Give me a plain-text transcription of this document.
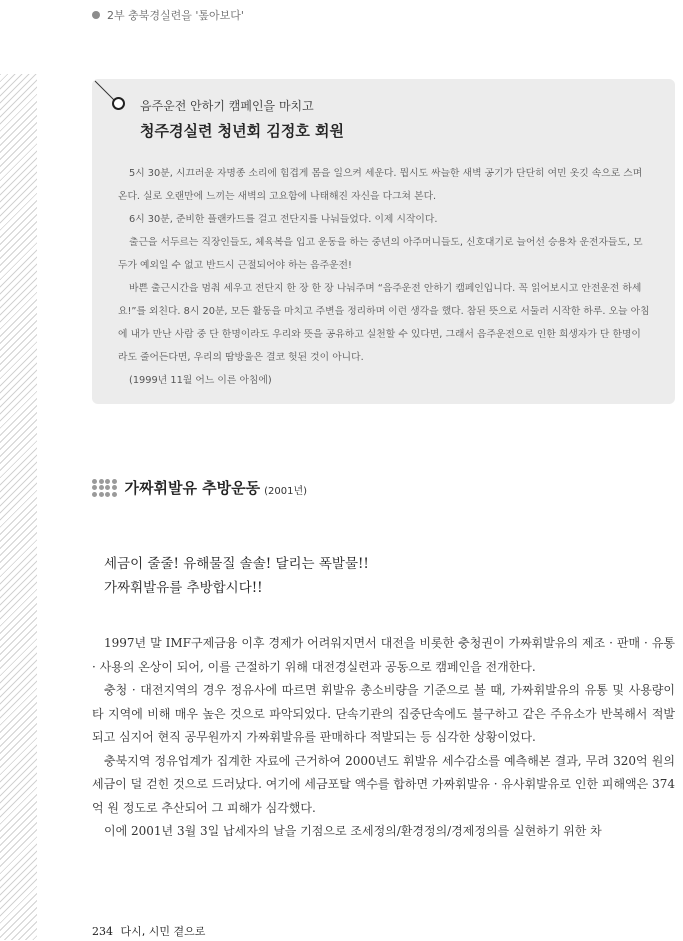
2부 충북경실련을 '톺아보다'
음주운전 안하기 캠페인을 마치고
청주경실련 청년회 김정호 회원

5시 30분, 시끄러운 자명종 소리에 힘겹게 몸을 일으켜 세운다. 뭡시도 싸늘한 새벽 공기가 단단히 여민 옷깃 속으로 스며온다. 실로 오랜만에 느끼는 새벽의 고요함에 나태해진 자신을 다그쳐 본다.

6시 30분, 준비한 플랜카드를 걸고 전단지를 나눠들었다. 이제 시작이다.

출근을 서두르는 직장인들도, 체육복을 입고 운동을 하는 중년의 아주머니들도, 신호대기로 늘어선 승용차 운전자들도, 모두가 예외일 수 없고 반드시 근절되어야 하는 음주운전!

바쁜 출근시간을 멈춰 세우고 전단지 한 장 한 장 나눠주며 “음주운전 안하기 캠페인입니다. 꼭 읽어보시고 안전운전 하세요!”를 외친다. 8시 20분, 모든 활동을 마치고 주변을 정리하며 이런 생각을 했다. 참된 뜻으로 서둘러 시작한 하루. 오늘 아침에 내가 만난 사람 중 단 한명이라도 우리와 뜻을 공유하고 실천할 수 있다면, 그래서 음주운전으로 인한 희생자가 단 한명이라도 줄어든다면, 우리의 땀방울은 결코 헛된 것이 아니다.

(1999년 11월 어느 이른 아침에)

가짜휘발유 추방운동 (2001년)

세금이 줄줄! 유해물질 솔솔! 달리는 폭발물!!

가짜휘발유를 추방합시다!!

1997년 말 IMF구제금융 이후 경제가 어려워지면서 대전을 비롯한 충청권이 가짜휘발유의 제조 · 판매 · 유통 · 사용의 온상이 되어, 이를 근절하기 위해 대전경실련과 공동으로 캠페인을 전개한다.

충청 · 대전지역의 경우 정유사에 따르면 휘발유 총소비량을 기준으로 볼 때, 가짜휘발유의 유통 및 사용량이 타 지역에 비해 매우 높은 것으로 파악되었다. 단속기관의 집중단속에도 불구하고 같은 주유소가 반복해서 적발되고 심지어 현직 공무원까지 가짜휘발유를 판매하다 적발되는 등 심각한 상황이었다.

충북지역 정유업계가 집계한 자료에 근거하여 2000년도 휘발유 세수감소를 예측해본 결과, 무려 320억 원의 세금이 덜 걷힌 것으로 드러났다. 여기에 세금포탈 액수를 합하면 가짜휘발유 · 유사휘발유로 인한 피해액은 374억 원 정도로 추산되어 그 피해가 심각했다.

이에 2001년 3월 3일 납세자의 날을 기점으로 조세정의/환경정의/경제정의를 실현하기 위한 차

234 다시, 시민 곁으로
